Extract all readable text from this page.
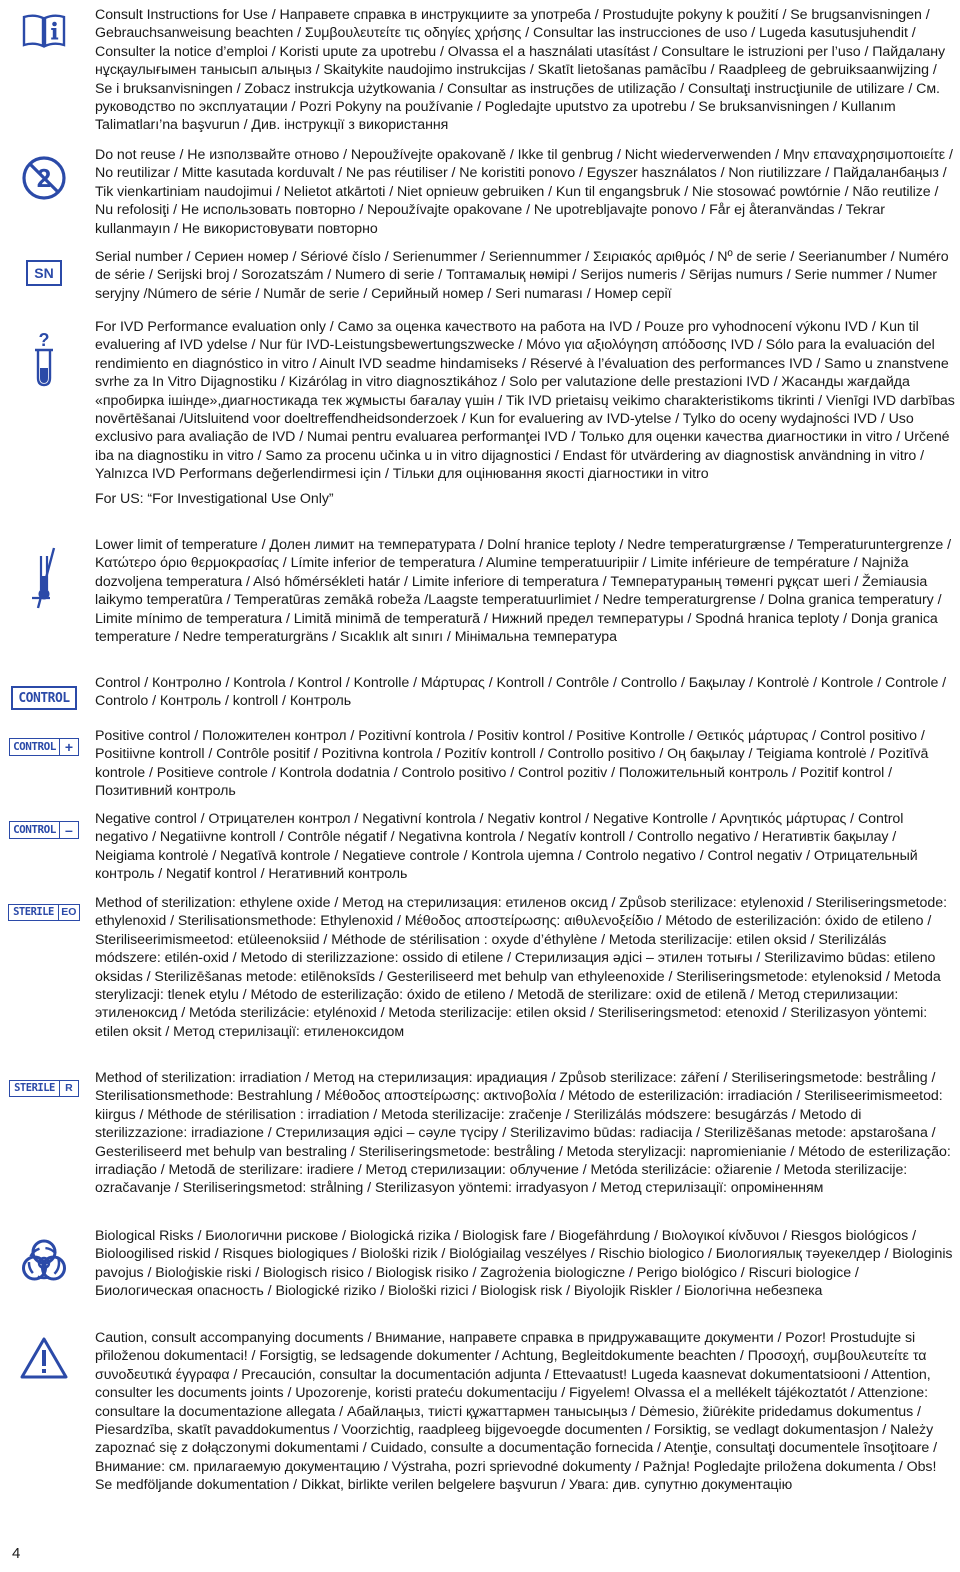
Consult Instructions for Use / Направете справка в инструкциите за употреба / Prostudujte pokyny k použití / Se brugsanvisningen / Gebrauchsanweisung beachten / Συμβουλευτείτε τις οδηγίες χρήσης / Consultar las instrucciones de uso / Lugeda kasutusjuhendit / Consulter la notice d’emploi / Koristi upute za upotrebu / Olvassa el a használati utasítást / Consultare le istruzioni per l’uso / Пайдалану нұсқаулығымен танысып алыңыз / Skaitykite naudojimo instrukcijas / Skatīt lietošanas pamācību / Raadpleeg de gebruiksaanwijzing / Se i bruksanvisningen / Zobacz instrukcja użytkowania / Consultar as instruções de utilização / Consultaţi instrucţiunile de utilizare / См. руководство по эксплуатации / Pozri Pokyny na používanie / Pogledajte uputstvo za upotrebu / Se bruksanvisningen / Kullanım Talimatları’na başvurun / Див. інструкції з використання

2

Do not reuse / Не използвайте отново / Nepoužívejte opakovaně / Ikke til genbrug / Nicht wiederverwenden / Μην επαναχρησιμοποιείτε / No reutilizar / Mitte kasutada korduvalt / Ne pas réutiliser / Ne koristiti ponovo / Egyszer használatos / Non riutilizzare / Пайдаланбаңыз / Tik vienkartiniam naudojimui / Nelietot atkārtoti / Niet opnieuw gebruiken / Kun til engangsbruk / Nie stosować powtórnie / Não reutilize / Nu refolosiţi / Не использовать повторно / Nepoužívajte opakovane / Ne upotrebljavajte ponovo / Får ej återanvändas / Tekrar kullanmayın / Не використовувати повторно

SN

Serial number / Сериен номер / Sériové číslo / Serienummer / Seriennummer / Σειριακός αριθμός / Nº de serie / Seerianumber / Numéro de série / Serijski broj / Sorozatszám / Numero di serie / Топтамалық нөмірі / Serijos numeris / Sērijas numurs / Serie nummer / Numer seryjny /Número de série / Număr de serie / Серийный номер / Seri numarası / Номер серії

?

For IVD Performance evaluation only / Само за оценка качеството на работа на IVD / Pouze pro vyhodnocení výkonu IVD / Kun til evaluering af IVD ydelse / Nur für IVD-Leistungsbewertungszwecke / Μόνο για αξιολόγηση απόδοσης IVD / Sólo para la evaluación del rendimiento en diagnóstico in vitro / Ainult IVD seadme hindamiseks / Réservé à l’évaluation des performances IVD / Samo u znanstvene svrhe za In Vitro Dijagnostiku / Kizárólag in vitro diagnosztikához / Solo per valutazione delle prestazioni IVD / Жасанды жағдайда «пробирка ішінде»,диагностикада тек жұмысты бағалау үшін / Tik IVD prietaisų veikimo charakteristikoms tikrinti / Vienīgi IVD darbības novērtēšanai /Uitsluitend voor doeltreffendheidsonderzoek / Kun for evaluering av IVD-ytelse / Tylko do oceny wydajności IVD / Uso exclusivo para avaliação de IVD / Numai pentru evaluarea performanţei IVD / Только для оценки качества диагностики in vitro / Určené iba na diagnostiku in vitro / Samo za procenu učinka u in vitro dijagnostici / Endast för utvärdering av diagnostisk användning in vitro / Yalnızca IVD Performans değerlendirmesi için / Тільки для оцінювання якості діагностики in vitro

For US: “For Investigational Use Only”

Lower limit of temperature / Долен лимит на температурата / Dolní hranice teploty / Nedre temperaturgrænse / Temperaturuntergrenze / Κατώτερο όριο θερμοκρασίας / Límite inferior de temperatura / Alumine temperatuuripiir / Limite inférieure de température / Najniža dozvoljena temperatura / Alsó hőmérsékleti határ / Limite inferiore di temperatura / Температураның төменгі рұқсат шегі / Žemiausia laikymo temperatūra / Temperatūras zemākā robeža /Laagste temperatuurlimiet / Nedre temperaturgrense / Dolna granica temperatury / Limite mínimo de temperatura / Limită minimă de temperatură / Нижний предел температуры / Spodná hranica teploty / Donja granica temperature / Nedre temperaturgräns / Sıcaklık alt sınırı / Мінімальна температура

CONTROL

Control / Контролно / Kontrola / Kontrol / Kontrolle / Μάρτυρας / Kontroll / Contrôle / Controllo / Бақылау / Kontrolė / Kontrole / Controle / Controlo / Контроль / kontroll / Контроль

CONTROL +

Positive control / Положителен контрол / Pozitivní kontrola / Positiv kontrol / Positive Kontrolle / Θετικός μάρτυρας / Control positivo / Positiivne kontroll / Contrôle positif / Pozitivna kontrola / Pozitív kontroll / Controllo positivo / Оң бақылау / Teigiama kontrolė / Pozitīvā kontrole / Positieve controle / Kontrola dodatnia / Controlo positivo / Control pozitiv / Положительный контроль / Pozitif kontrol / Позитивний контроль

CONTROL –

Negative control / Отрицателен контрол / Negativní kontrola / Negativ kontrol / Negative Kontrolle / Αρνητικός μάρτυρας / Control negativo / Negatiivne kontroll / Contrôle négatif / Negativna kontrola / Negatív kontroll / Controllo negativo / Негативтік бақылау / Neigiama kontrolė / Negatīvā kontrole / Negatieve controle / Kontrola ujemna / Controlo negativo / Control negativ / Отрицательный контроль / Negatif kontrol / Негативний контроль

STERILE EO

Method of sterilization: ethylene oxide / Метод на стерилизация: етиленов оксид / Způsob sterilizace: etylenoxid / Steriliseringsmetode: ethylenoxid / Sterilisationsmethode: Ethylenoxid / Μέθοδος αποστείρωσης: αιθυλενοξείδιο / Método de esterilización: óxido de etileno / Steriliseerimismeetod: etüleenoksiid / Méthode de stérilisation : oxyde d’éthylène / Metoda sterilizacije: etilen oksid / Sterilizálás módszere: etilén-oxid / Metodo di sterilizzazione: ossido di etilene / Стерилизация әдісі – этилен тотығы / Sterilizavimo būdas: etileno oksidas / Sterilizēšanas metode: etilēnoksīds / Gesteriliseerd met behulp van ethyleenoxide / Steriliseringsmetode: etylenoksid / Metoda sterylizacji: tlenek etylu / Método de esterilização: óxido de etileno / Metodă de sterilizare: oxid de etilenă / Метод стерилизации: этиленоксид / Metóda sterilizácie: etylénoxid / Metoda sterilizacije: etilen oksid / Steriliseringsmetod: etenoxid / Sterilizasyon yöntemi: etilen oksit / Метод стерилізації: етиленоксидом

STERILE R

Method of sterilization: irradiation / Метод на стерилизация: ирадиация / Způsob sterilizace: záření / Steriliseringsmetode: bestråling / Sterilisationsmethode: Bestrahlung / Μέθοδος αποστείρωσης: ακτινοβολία / Método de esterilización: irradiación / Steriliseerimismeetod: kiirgus / Méthode de stérilisation : irradiation / Metoda sterilizacije: zračenje / Sterilizálás módszere: besugárzás / Metodo di sterilizzazione: irradiazione / Стерилизация әдісі – сәуле түсіру / Sterilizavimo būdas: radiacija / Sterilizēšanas metode: apstarošana / Gesteriliseerd met behulp van bestraling / Steriliseringsmetode: bestråling / Metoda sterylizacji: napromienianie / Método de esterilização: irradiação / Metodă de sterilizare: iradiere / Метод стерилизации: облучение / Metóda sterilizácie: ožiarenie / Metoda sterilizacije: ozračavanje / Steriliseringsmetod: strålning / Sterilizasyon yöntemi: irradyasyon / Метод стерилізації: опроміненням

Biological Risks / Биологични рискове / Biologická rizika / Biologisk fare / Biogefährdung / Βιολογικοί κίνδυνοι / Riesgos biológicos / Bioloogilised riskid / Risques biologiques / Biološki rizik / Biológiailag veszélyes / Rischio biologico / Биологиялық тәуекелдер / Biologinis pavojus / Bioloģiskie riski / Biologisch risico / Biologisk risiko / Zagrożenia biologiczne / Perigo biológico / Riscuri biologice / Биологическая опасность / Biologické riziko / Biološki rizici / Biologisk risk / Biyolojik Riskler / Біологічна небезпека

Caution, consult accompanying documents / Внимание, направете справка в придружаващите документи / Pozor! Prostudujte si přiloženou dokumentaci! / Forsigtig, se ledsagende dokumenter / Achtung, Begleitdokumente beachten / Προσοχή, συμβουλευτείτε τα συνοδευτικά έγγραφα / Precaución, consultar la documentación adjunta / Ettevaatust! Lugeda kaasnevat dokumentatsiooni / Attention, consulter les documents joints / Upozorenje, koristi prateću dokumentaciju / Figyelem! Olvassa el a mellékelt tájékoztatót / Attenzione: consultare la documentazione allegata / Абайлаңыз, тиісті құжаттармен танысыңыз / Dėmesio, žiūrėkite pridedamus dokumentus / Piesardzība, skatīt pavaddokumentus / Voorzichtig, raadpleeg bijgevoegde documenten / Forsiktig, se vedlagt dokumentasjon / Należy zapoznać się z dołączonymi dokumentami / Cuidado, consulte a documentação fornecida / Atenţie, consultaţi documentele însoţitoare / Внимание: см. прилагаемую документацию / Výstraha, pozri sprievodné dokumenty / Pažnja! Pogledajte priložena dokumenta / Obs! Se medföljande dokumentation / Dikkat, birlikte verilen belgelere başvurun / Увага: див. супутню документацію

4
